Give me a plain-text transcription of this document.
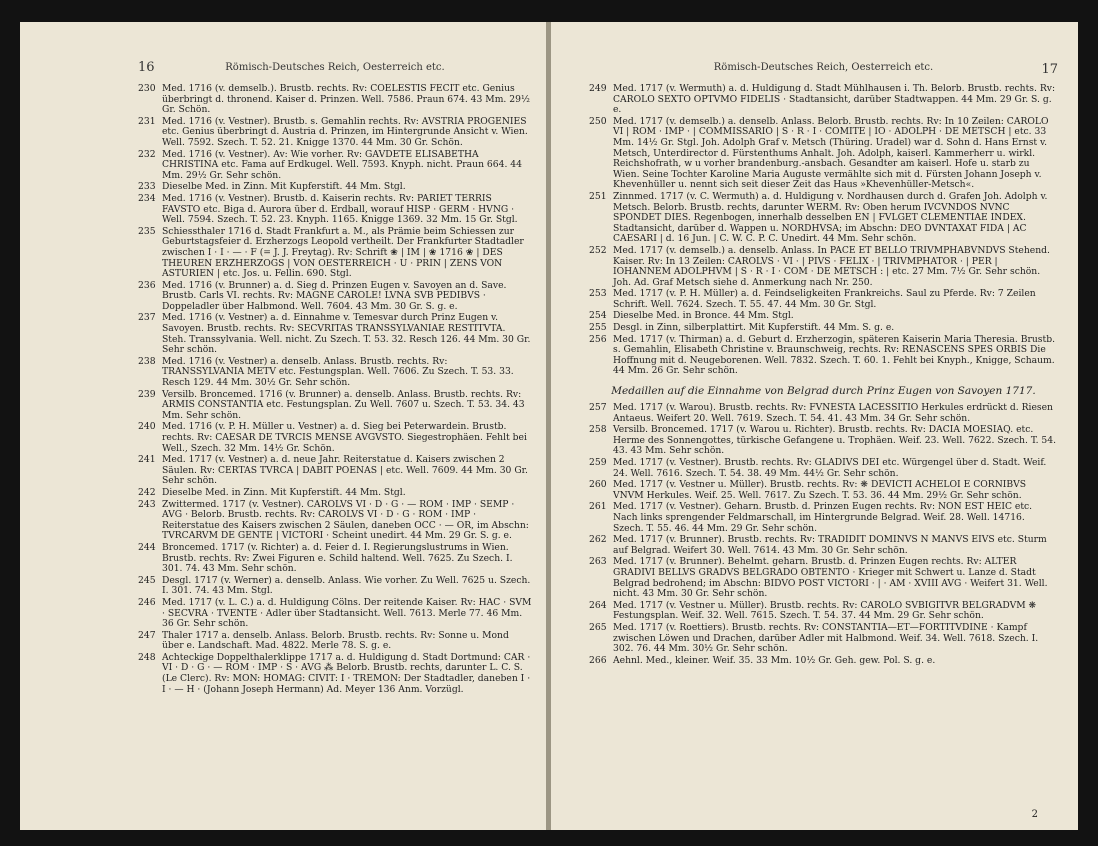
16	Römisch-Deutsches Reich, Oesterreich etc.
230 Med. 1716 (v. demselb.). Brustb. rechts. Rv: COELESTIS FECIT etc. Genius überbringt d. thronend. Kaiser d. Prinzen. Well. 7586. Praun 674. 43 Mm. 29½ Gr. Schön.
231 Med. 1716 (v. Vestner). Brustb. s. Gemahlin rechts. Rv: AVSTRIA PROGENIES etc. Genius überbringt d. Austria d. Prinzen, im Hintergrunde Ansicht v. Wien. Well. 7592. Szech. T. 52. 21. Knigge 1370. 44 Mm. 30 Gr. Schön.
232 Med. 1716 (v. Vestner). Av: Wie vorher. Rv: GAVDETE ELISABETHA CHRISTINA etc. Fama auf Erdkugel. Well. 7593. Knyph. nicht. Praun 664. 44 Mm. 29½ Gr. Sehr schön.
233 Dieselbe Med. in Zinn. Mit Kupferstift. 44 Mm. Stgl.
234 Med. 1716 (v. Vestner). Brustb. d. Kaiserin rechts. Rv: PARIET TERRIS FAVSTO etc. Biga d. Aurora über d. Erdball, worauf HISP · GERM · HVNG · Well. 7594. Szech. T. 52. 23. Knyph. 1165. Knigge 1369. 32 Mm. 15 Gr. Stgl.
235 Schiessthaler 1716 d. Stadt Frankfurt a. M., als Prämie beim Schiessen zur Geburtstagsfeier d. Erzherzogs Leopold vertheilt. Der Frankfurter Stadtadler zwischen I · I · — · F (= J. J. Freytag). Rv: Schrift ❀ | IM | ❀ 1716 ❀ | DES THEUREN ERZHERZOGS | VON OESTERREICH · U · PRIN | ZENS VON ASTURIEN | etc. Jos. u. Fellin. 690. Stgl.
236 Med. 1716 (v. Brunner) a. d. Sieg d. Prinzen Eugen v. Savoyen an d. Save. Brustb. Carls VI. rechts. Rv: MAGNE CAROLE! LVNA SVB PEDIBVS · Doppeladler über Halbmond. Well. 7604. 43 Mm. 30 Gr. S. g. e.
237 Med. 1716 (v. Vestner) a. d. Einnahme v. Temesvar durch Prinz Eugen v. Savoyen. Brustb. rechts. Rv: SECVRITAS TRANSSYLVANIAE RESTITVTA. Steh. Transsylvania. Well. nicht. Zu Szech. T. 53. 32. Resch 126. 44 Mm. 30 Gr. Sehr schön.
238 Med. 1716 (v. Vestner) a. denselb. Anlass. Brustb. rechts. Rv: TRANSSYLVANIA METV etc. Festungsplan. Well. 7606. Zu Szech. T. 53. 33. Resch 129. 44 Mm. 30½ Gr. Sehr schön.
239 Versilb. Broncemed. 1716 (v. Brunner) a. denselb. Anlass. Brustb. rechts. Rv: ARMIS CONSTANTIA etc. Festungsplan. Zu Well. 7607 u. Szech. T. 53. 34. 43 Mm. Sehr schön.
240 Med. 1716 (v. P. H. Müller u. Vestner) a. d. Sieg bei Peterwardein. Brustb. rechts. Rv: CAESAR DE TVRCIS MENSE AVGVSTO. Siegestrophäen. Fehlt bei Well., Szech. 32 Mm. 14½ Gr. Schön.
241 Med. 1717 (v. Vestner) a. d. neue Jahr. Reiterstatue d. Kaisers zwischen 2 Säulen. Rv: CERTAS TVRCA | DABIT POENAS | etc. Well. 7609. 44 Mm. 30 Gr. Sehr schön.
242 Dieselbe Med. in Zinn. Mit Kupferstift. 44 Mm. Stgl.
243 Zwittermed. 1717 (v. Vestner). CAROLVS VI · D · G · — ROM · IMP · SEMP · AVG · Belorb. Brustb. rechts. Rv: CAROLVS VI · D · G · ROM · IMP · Reiterstatue des Kaisers zwischen 2 Säulen, daneben OCC · — OR, im Abschn: TVRCARVM DE GENTE | VICTORI · Scheint unedirt. 44 Mm. 29 Gr. S. g. e.
244 Broncemed. 1717 (v. Richter) a. d. Feier d. I. Regierungslustrums in Wien. Brustb. rechts. Rv: Zwei Figuren e. Schild haltend. Well. 7625. Zu Szech. I. 301. 74. 43 Mm. Sehr schön.
245 Desgl. 1717 (v. Werner) a. denselb. Anlass. Wie vorher. Zu Well. 7625 u. Szech. I. 301. 74. 43 Mm. Stgl.
246 Med. 1717 (v. L. C.) a. d. Huldigung Cölns. Der reitende Kaiser. Rv: HAC · SVM · SECVRA · TVENTE · Adler über Stadtansicht. Well. 7613. Merle 77. 46 Mm. 36 Gr. Sehr schön.
247 Thaler 1717 a. denselb. Anlass. Belorb. Brustb. rechts. Rv: Sonne u. Mond über e. Landschaft. Mad. 4822. Merle 78. S. g. e.
248 Achteckige Doppelthalerklippe 1717 a. d. Huldigung d. Stadt Dortmund: CAR · VI · D · G · — ROM · IMP · S · AVG ⁂ Belorb. Brustb. rechts, darunter L. C. S. (Le Clerc). Rv: MON: HOMAG: CIVIT: I · TREMON: Der Stadtadler, daneben I · I · — H · (Johann Joseph Hermann) Ad. Meyer 136 Anm. Vorzügl.
Römisch-Deutsches Reich, Oesterreich etc.	17
249 Med. 1717 (v. Wermuth) a. d. Huldigung d. Stadt Mühlhausen i. Th. Belorb. Brustb. rechts. Rv: CAROLO SEXTO OPTVMO FIDELIS · Stadtansicht, darüber Stadtwappen. 44 Mm. 29 Gr. S. g. e.
250 Med. 1717 (v. demselb.) a. denselb. Anlass. Belorb. Brustb. rechts. Rv: In 10 Zeilen: CAROLO VI | ROM · IMP · | COMMISSARIO | S · R · I · COMITE | IO · ADOLPH · DE METSCH | etc. 33 Mm. 14½ Gr. Stgl. Joh. Adolph Graf v. Metsch (Thüring. Uradel) war d. Sohn d. Hans Ernst v. Metsch, Unterdirector d. Fürstenthums Anhalt. Joh. Adolph, kaiserl. Kammerherr u. wirkl. Reichshofrath, w u vorher brandenburg.-ansbach. Gesandter am kaiserl. Hofe u. starb zu Wien. Seine Tochter Karoline Maria Auguste vermählte sich mit d. Fürsten Johann Joseph v. Khevenhüller u. nennt sich seit dieser Zeit das Haus »Khevenhüller-Metsch«.
251 Zinnmed. 1717 (v. C. Wermuth) a. d. Huldigung v. Nordhausen durch d. Grafen Joh. Adolph v. Metsch. Belorb. Brustb. rechts, darunter WERM. Rv: Oben herum IVCVNDOS NVNC SPONDET DIES. Regenbogen, innerhalb desselben EN | FVLGET CLEMENTIAE INDEX. Stadtansicht, darüber d. Wappen u. NORDHVSA; im Abschn: DEO DVNTAXAT FIDA | AC CAESARI | d. 16 Jun. | C. W. C. P. C. Unedirt. 44 Mm. Sehr schön.
252 Med. 1717 (v. demselb.) a. denselb. Anlass. In PACE ET BELLO TRIVMPHABVNDVS Stehend. Kaiser. Rv: In 13 Zeilen: CAROLVS · VI · | PIVS · FELIX · | TRIVMPHATOR · | PER | IOHANNEM ADOLPHVM | S · R · I · COM · DE METSCH : | etc. 27 Mm. 7½ Gr. Sehr schön. Joh. Ad. Graf Metsch siehe d. Anmerkung nach Nr. 250.
253 Med. 1717 (v. P. H. Müller) a. d. Feindseligkeiten Frankreichs. Saul zu Pferde. Rv: 7 Zeilen Schrift. Well. 7624. Szech. T. 55. 47. 44 Mm. 30 Gr. Stgl.
254 Dieselbe Med. in Bronce. 44 Mm. Stgl.
255 Desgl. in Zinn, silberplattirt. Mit Kupferstift. 44 Mm. S. g. e.
256 Med. 1717 (v. Thirman) a. d. Geburt d. Erzherzogin, späteren Kaiserin Maria Theresia. Brustb. s. Gemahlin, Elisabeth Christine v. Braunschweig, rechts. Rv: RENASCENS SPES ORBIS Die Hoffnung mit d. Neugeborenen. Well. 7832. Szech. T. 60. 1. Fehlt bei Knyph., Knigge, Schaum. 44 Mm. 26 Gr. Sehr schön.
Medaillen auf die Einnahme von Belgrad durch Prinz Eugen von Savoyen 1717.
257 Med. 1717 (v. Warou). Brustb. rechts. Rv: FVNESTA LACESSITIO Herkules erdrückt d. Riesen Antaeus. Weifert 20. Well. 7619. Szech. T. 54. 41. 43 Mm. 34 Gr. Sehr schön.
258 Versilb. Broncemed. 1717 (v. Warou u. Richter). Brustb. rechts. Rv: DACIA MOESIAQ. etc. Herme des Sonnengottes, türkische Gefangene u. Trophäen. Weif. 23. Well. 7622. Szech. T. 54. 43. 43 Mm. Sehr schön.
259 Med. 1717 (v. Vestner). Brustb. rechts. Rv: GLADIVS DEI etc. Würgengel über d. Stadt. Weif. 24. Well. 7616. Szech. T. 54. 38. 49 Mm. 44½ Gr. Sehr schön.
260 Med. 1717 (v. Vestner u. Müller). Brustb. rechts. Rv: ❋ DEVICTI ACHELOI E CORNIBVS VNVM Herkules. Weif. 25. Well. 7617. Zu Szech. T. 53. 36. 44 Mm. 29½ Gr. Sehr schön.
261 Med. 1717 (v. Vestner). Geharn. Brustb. d. Prinzen Eugen rechts. Rv: NON EST HEIC etc. Nach links sprengender Feldmarschall, im Hintergrunde Belgrad. Weif. 28. Well. 14716. Szech. T. 55. 46. 44 Mm. 29 Gr. Sehr schön.
262 Med. 1717 (v. Brunner). Brustb. rechts. Rv: TRADIDIT DOMINVS N MANVS EIVS etc. Sturm auf Belgrad. Weifert 30. Well. 7614. 43 Mm. 30 Gr. Sehr schön.
263 Med. 1717 (v. Brunner). Behelmt. geharn. Brustb. d. Prinzen Eugen rechts. Rv: ALTER GRADIVI BELLVS GRADVS BELGRADO OBTENTO · Krieger mit Schwert u. Lanze d. Stadt Belgrad bedrohend; im Abschn: BIDVO POST VICTORI · | · AM · XVIII AVG · Weifert 31. Well. nicht. 43 Mm. 30 Gr. Sehr schön.
264 Med. 1717 (v. Vestner u. Müller). Brustb. rechts. Rv: CAROLO SVBIGITVR BELGRADVM ❋ Festungsplan. Weif. 32. Well. 7615. Szech. T. 54. 37. 44 Mm. 29 Gr. Sehr schön.
265 Med. 1717 (v. Roettiers). Brustb. rechts. Rv: CONSTANTIA—ET—FORTITVDINE · Kampf zwischen Löwen und Drachen, darüber Adler mit Halbmond. Weif. 34. Well. 7618. Szech. I. 302. 76. 44 Mm. 30½ Gr. Sehr schön.
266 Aehnl. Med., kleiner. Weif. 35. 33 Mm. 10½ Gr. Geh. gew. Pol. S. g. e.
2
